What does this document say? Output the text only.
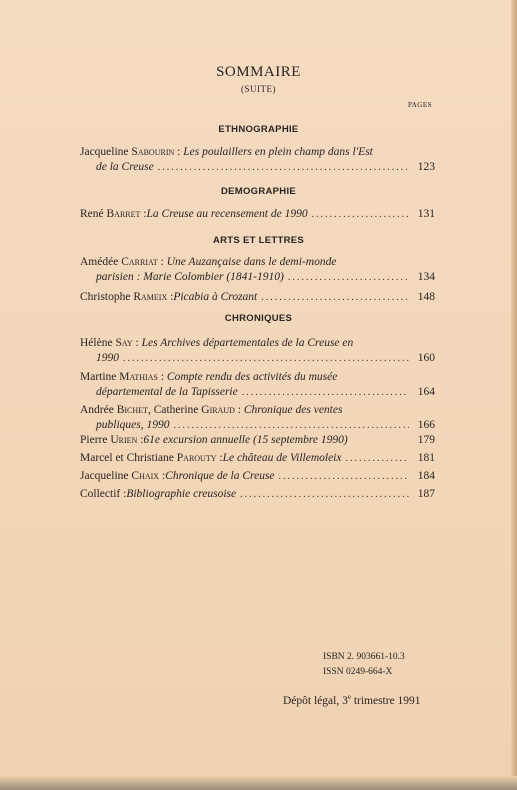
SOMMAIRE
(SUITE)
PAGES
ETHNOGRAPHIE
Jacqueline Sabourin : Les poulaillers en plein champ dans l'Est
de la Creuse .....	123
DEMOGRAPHIE
René Barret : La Creuse au recensement de 1990 .....	131
ARTS ET LETTRES
Amédée Carriat : Une Auzançaise dans le demi-monde
parisien : Marie Colombier (1841-1910) .....	134
Christophe Rameix : Picabia à Crozant .....	148
CHRONIQUES
Hélène Say : Les Archives départementales de la Creuse en
1990 .....	160
Martine Mathias : Compte rendu des activités du musée
départemental de la Tapisserie .....	164
Andrée Bichet, Catherine Giraud : Chronique des ventes
publiques, 1990 .....	166
Pierre Urien : 61e excursion annuelle (15 septembre 1990)	179
Marcel et Christiane Parouty : Le château de Villemoleix .....	181
Jacqueline Chaix : Chronique de la Creuse .....	184
Collectif : Bibliographie creusoise .....	187
ISBN 2. 903661-10.3
ISSN 0249-664-X
Dépôt légal, 3e trimestre 1991
